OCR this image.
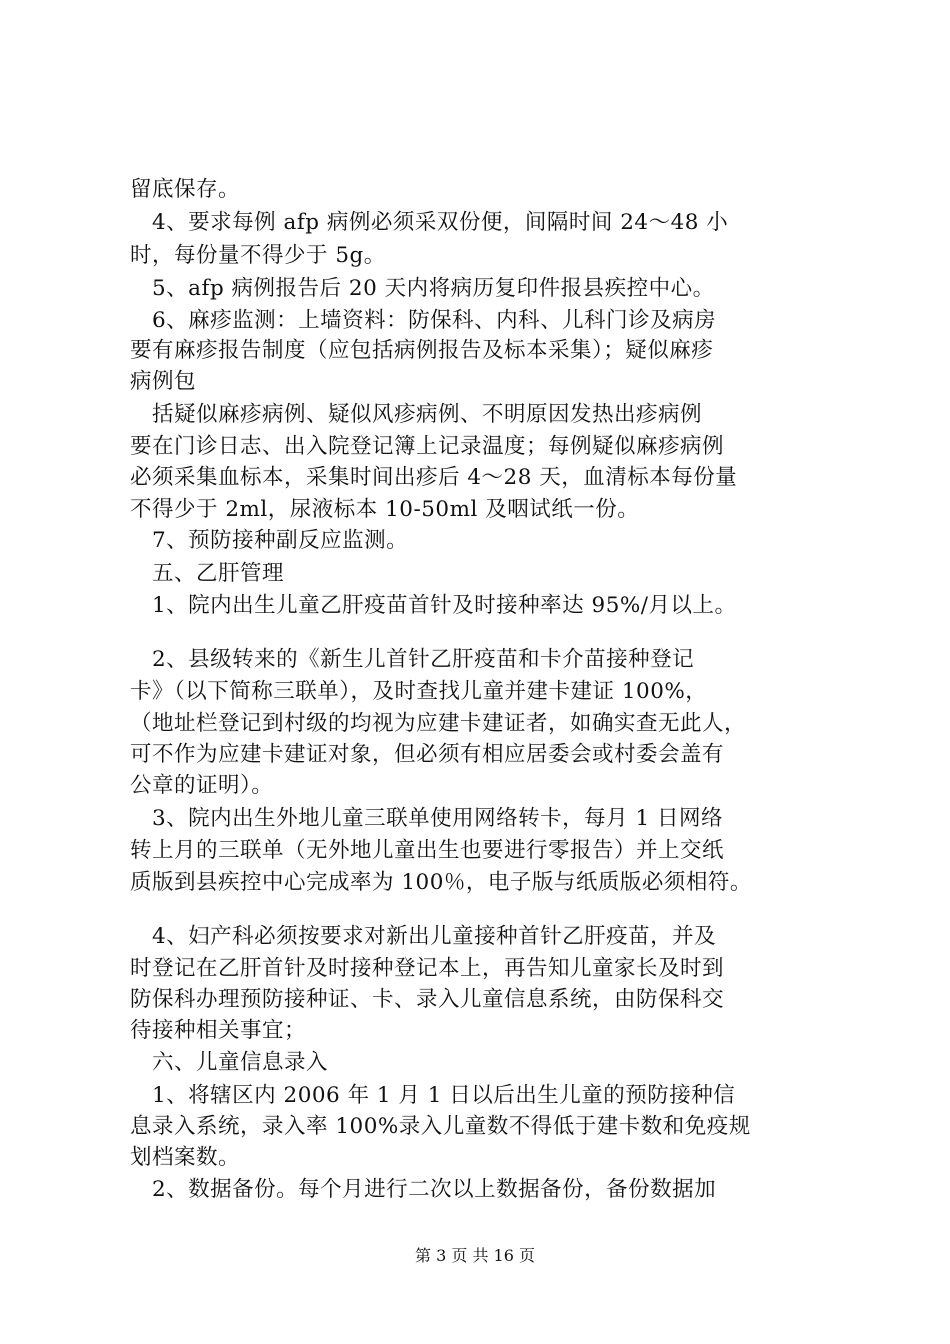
留底保存。
　4、要求每例 afp 病例必须采双份便，间隔时间 24～48 小
时，每份量不得少于 5g。
　5、afp 病例报告后 20 天内将病历复印件报县疾控中心。
　6、麻疹监测：上墙资料：防保科、内科、儿科门诊及病房
要有麻疹报告制度（应包括病例报告及标本采集）；疑似麻疹
病例包
　括疑似麻疹病例、疑似风疹病例、不明原因发热出疹病例
要在门诊日志、出入院登记簿上记录温度；每例疑似麻疹病例
必须采集血标本，采集时间出疹后 4～28 天，血清标本每份量
不得少于 2ml，尿液标本 10-50ml 及咽试纸一份。
　7、预防接种副反应监测。
　五、乙肝管理
　1、院内出生儿童乙肝疫苗首针及时接种率达 95%/月以上。
　2、县级转来的《新生儿首针乙肝疫苗和卡介苗接种登记
卡》（以下简称三联单），及时查找儿童并建卡建证 100%，
（地址栏登记到村级的均视为应建卡建证者，如确实查无此人，
可不作为应建卡建证对象，但必须有相应居委会或村委会盖有
公章的证明）。
　3、院内出生外地儿童三联单使用网络转卡，每月 1 日网络
转上月的三联单（无外地儿童出生也要进行零报告）并上交纸
质版到县疾控中心完成率为 100％，电子版与纸质版必须相符。
　4、妇产科必须按要求对新出儿童接种首针乙肝疫苗，并及
时登记在乙肝首针及时接种登记本上，再告知儿童家长及时到
防保科办理预防接种证、卡、录入儿童信息系统，由防保科交
待接种相关事宜；
　六、儿童信息录入
　1、将辖区内 2006 年 1 月 1 日以后出生儿童的预防接种信
息录入系统，录入率 100%录入儿童数不得低于建卡数和免疫规
划档案数。
　2、数据备份。每个月进行二次以上数据备份，备份数据加
第 3 页 共 16 页
